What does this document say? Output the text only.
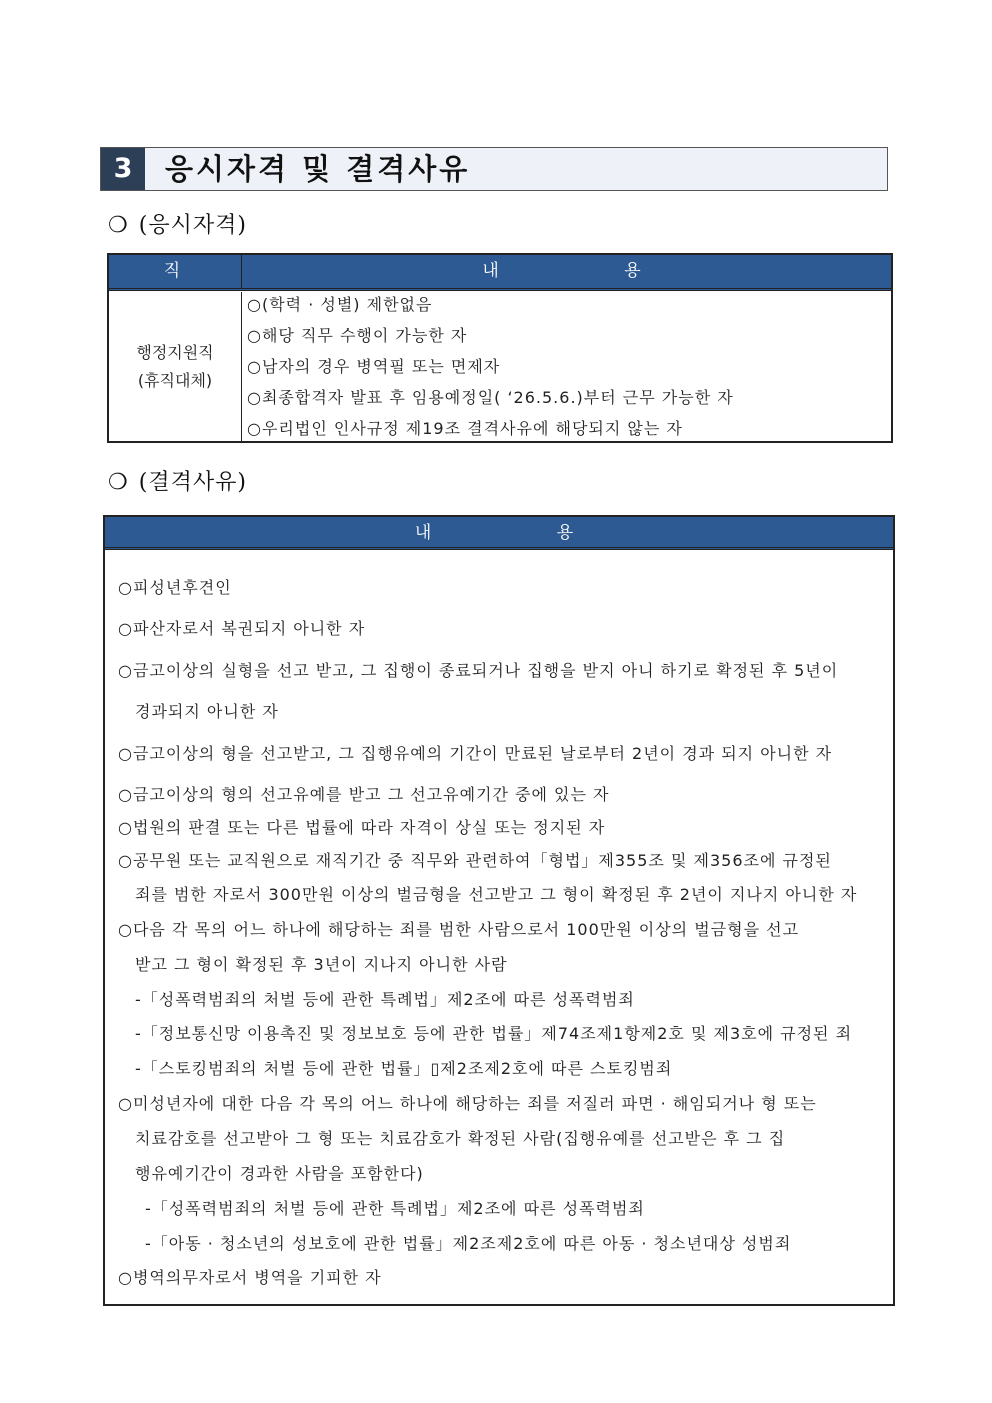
3	응시자격 및 결격사유
❍ (응시자격)
직 종
내 용
행정지원직
(휴직대체)
○(학력 · 성별) 제한없음
○해당 직무 수행이 가능한 자
○남자의 경우 병역필 또는 면제자
○최종합격자 발표 후 임용예정일( ‘26.5.6.)부터 근무 가능한 자
○우리법인 인사규정 제19조 결격사유에 해당되지 않는 자
❍ (결격사유)
내 용
○피성년후견인
○파산자로서 복권되지 아니한 자
○금고이상의 실형을 선고 받고, 그 집행이 종료되거나 집행을 받지 아니 하기로 확정된 후 5년이
경과되지 아니한 자
○금고이상의 형을 선고받고, 그 집행유예의 기간이 만료된 날로부터 2년이 경과 되지 아니한 자
○금고이상의 형의 선고유예를 받고 그 선고유예기간 중에 있는 자
○법원의 판결 또는 다른 법률에 따라 자격이 상실 또는 정지된 자
○공무원 또는 교직원으로 재직기간 중 직무와 관련하여「형법」제355조 및 제356조에 규정된
죄를 범한 자로서 300만원 이상의 벌금형을 선고받고 그 형이 확정된 후 2년이 지나지 아니한 자
○다음 각 목의 어느 하나에 해당하는 죄를 범한 사람으로서 100만원 이상의 벌금형을 선고
받고 그 형이 확정된 후 3년이 지나지 아니한 사람
-「성폭력범죄의 처벌 등에 관한 특례법」제2조에 따른 성폭력범죄
-「정보통신망 이용촉진 및 정보보호 등에 관한 법률」제74조제1항제2호 및 제3호에 규정된 죄
-「스토킹범죄의 처벌 등에 관한 법률」▯제2조제2호에 따른 스토킹범죄
○미성년자에 대한 다음 각 목의 어느 하나에 해당하는 죄를 저질러 파면 · 해임되거나 형 또는
치료감호를 선고받아 그 형 또는 치료감호가 확정된 사람(집행유예를 선고받은 후 그 집
행유예기간이 경과한 사람을 포함한다)
-「성폭력범죄의 처벌 등에 관한 특례법」제2조에 따른 성폭력범죄
-「아동 · 청소년의 성보호에 관한 법률」제2조제2호에 따른 아동 · 청소년대상 성범죄
○병역의무자로서 병역을 기피한 자
